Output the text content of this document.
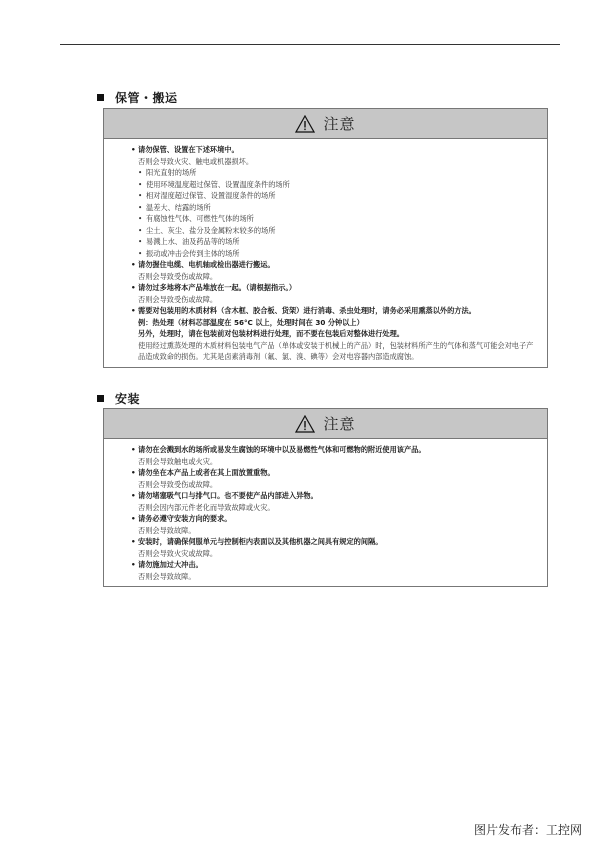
保管・搬运
注意
• 请勿保管、设置在下述环境中。
否则会导致火灾、触电或机器损坏。
• 阳光直射的场所
• 使用环境温度超过保管、设置温度条件的场所
• 相对湿度超过保管、设置湿度条件的场所
• 温差大、结露的场所
• 有腐蚀性气体、可燃性气体的场所
• 尘土、灰尘、盐分及金属粉末较多的场所
• 易溅上水、油及药品等的场所
• 振动或冲击会传到主体的场所
• 请勿握住电缆、电机轴或检出器进行搬运。
否则会导致受伤或故障。
• 请勿过多地将本产品堆放在一起。（请根据指示。）
否则会导致受伤或故障。
• 需要对包装用的木质材料（含木框、胶合板、货架）进行消毒、杀虫处理时，请务必采用熏蒸以外的方法。
例：热处理（材料芯部温度在 56°C 以上，处理时间在 30 分钟以上）
另外，处理时，请在包装前对包装材料进行处理，而不要在包装后对整体进行处理。
使用经过熏蒸处理的木质材料包装电气产品（单体或安装于机械上的产品）时，包装材料所产生的气体和蒸气可能会对电子产品造成致命的损伤。尤其是卤素消毒剂（氟、氯、溴、碘等）会对电容器内部造成腐蚀。
安装
注意
• 请勿在会溅到水的场所或易发生腐蚀的环境中以及易燃性气体和可燃物的附近使用该产品。
否则会导致触电或火灾。
• 请勿坐在本产品上或者在其上面放置重物。
否则会导致受伤或故障。
• 请勿堵塞吸气口与排气口。也不要使产品内部进入异物。
否则会因内部元件老化而导致故障或火灾。
• 请务必遵守安装方向的要求。
否则会导致故障。
• 安装时，请确保伺服单元与控制柜内表面以及其他机器之间具有规定的间隔。
否则会导致火灾或故障。
• 请勿施加过大冲击。
否则会导致故障。
图片发布者：工控网
